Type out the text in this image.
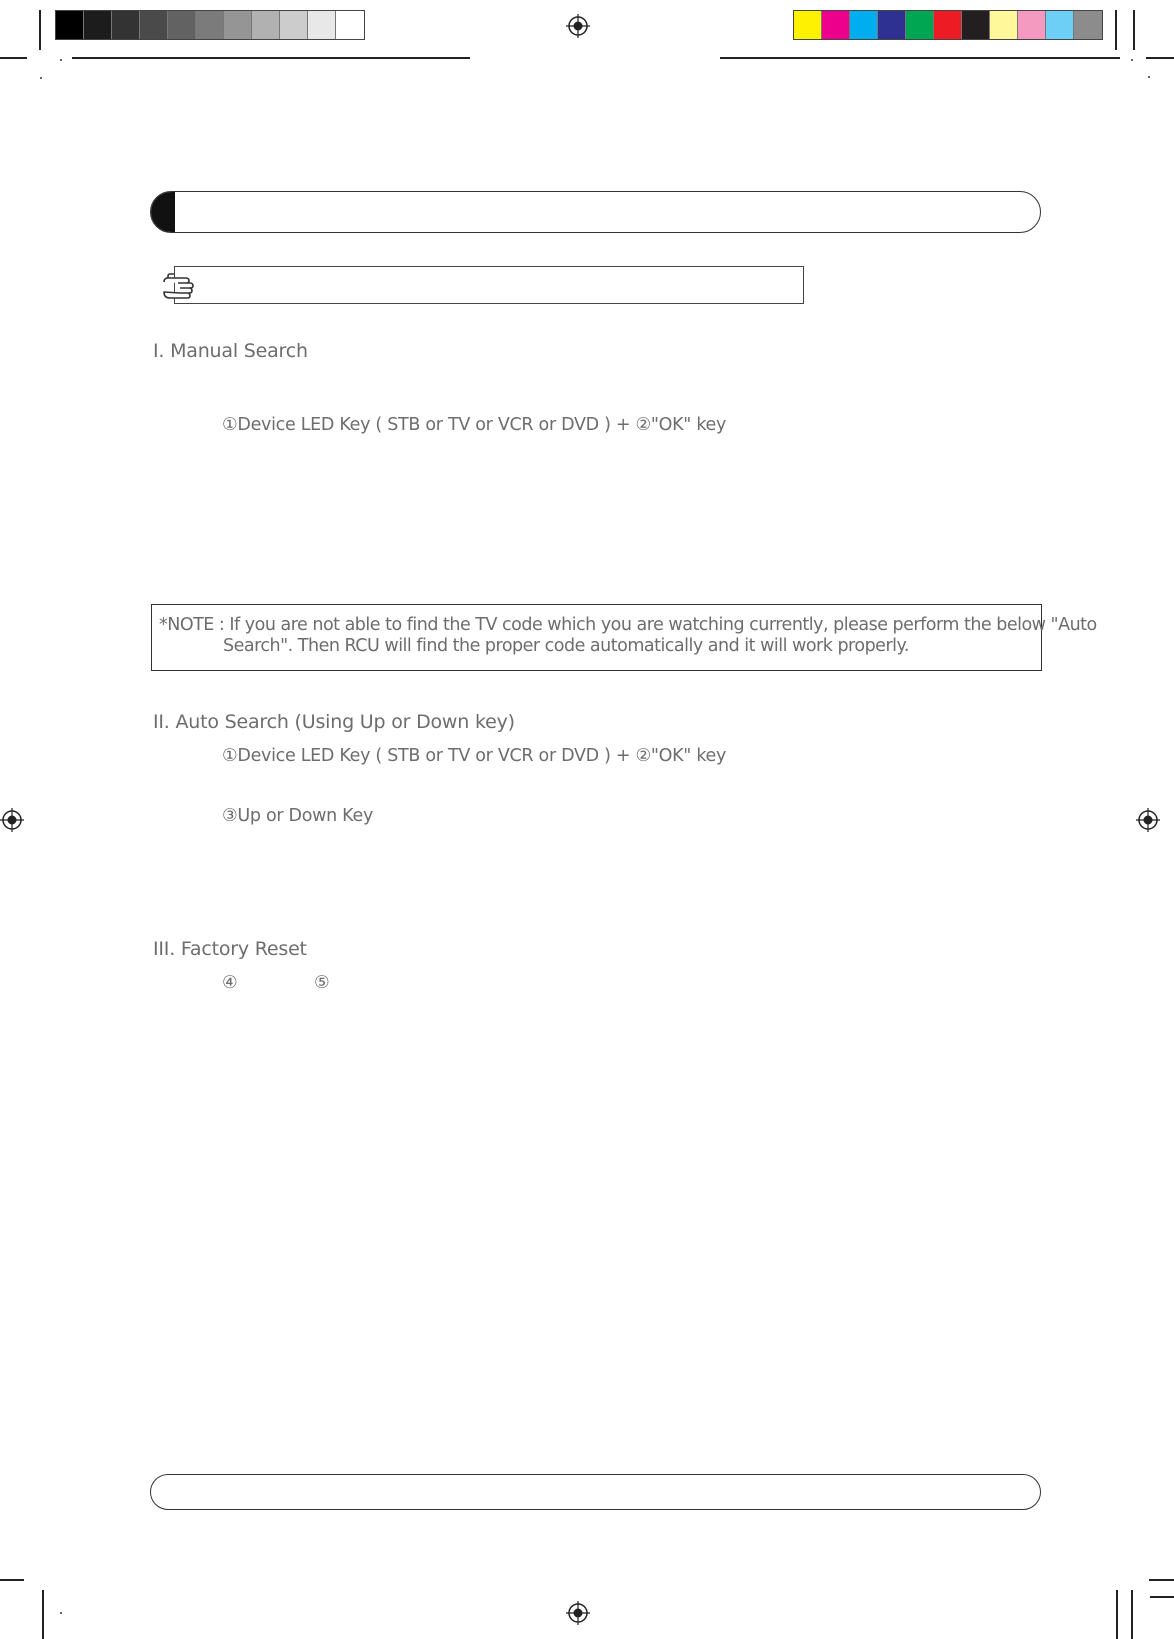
I. Manual Search
①Device LED Key ( STB or TV or VCR or DVD ) + ②"OK" key
*NOTE : If you are not able to find the TV code which you are watching currently, please perform the below "Auto
Search". Then RCU will find the proper code automatically and it will work properly.
II. Auto Search (Using Up or Down key)
①Device LED Key ( STB or TV or VCR or DVD ) + ②"OK" key
③Up or Down Key
III. Factory Reset
④	⑤
